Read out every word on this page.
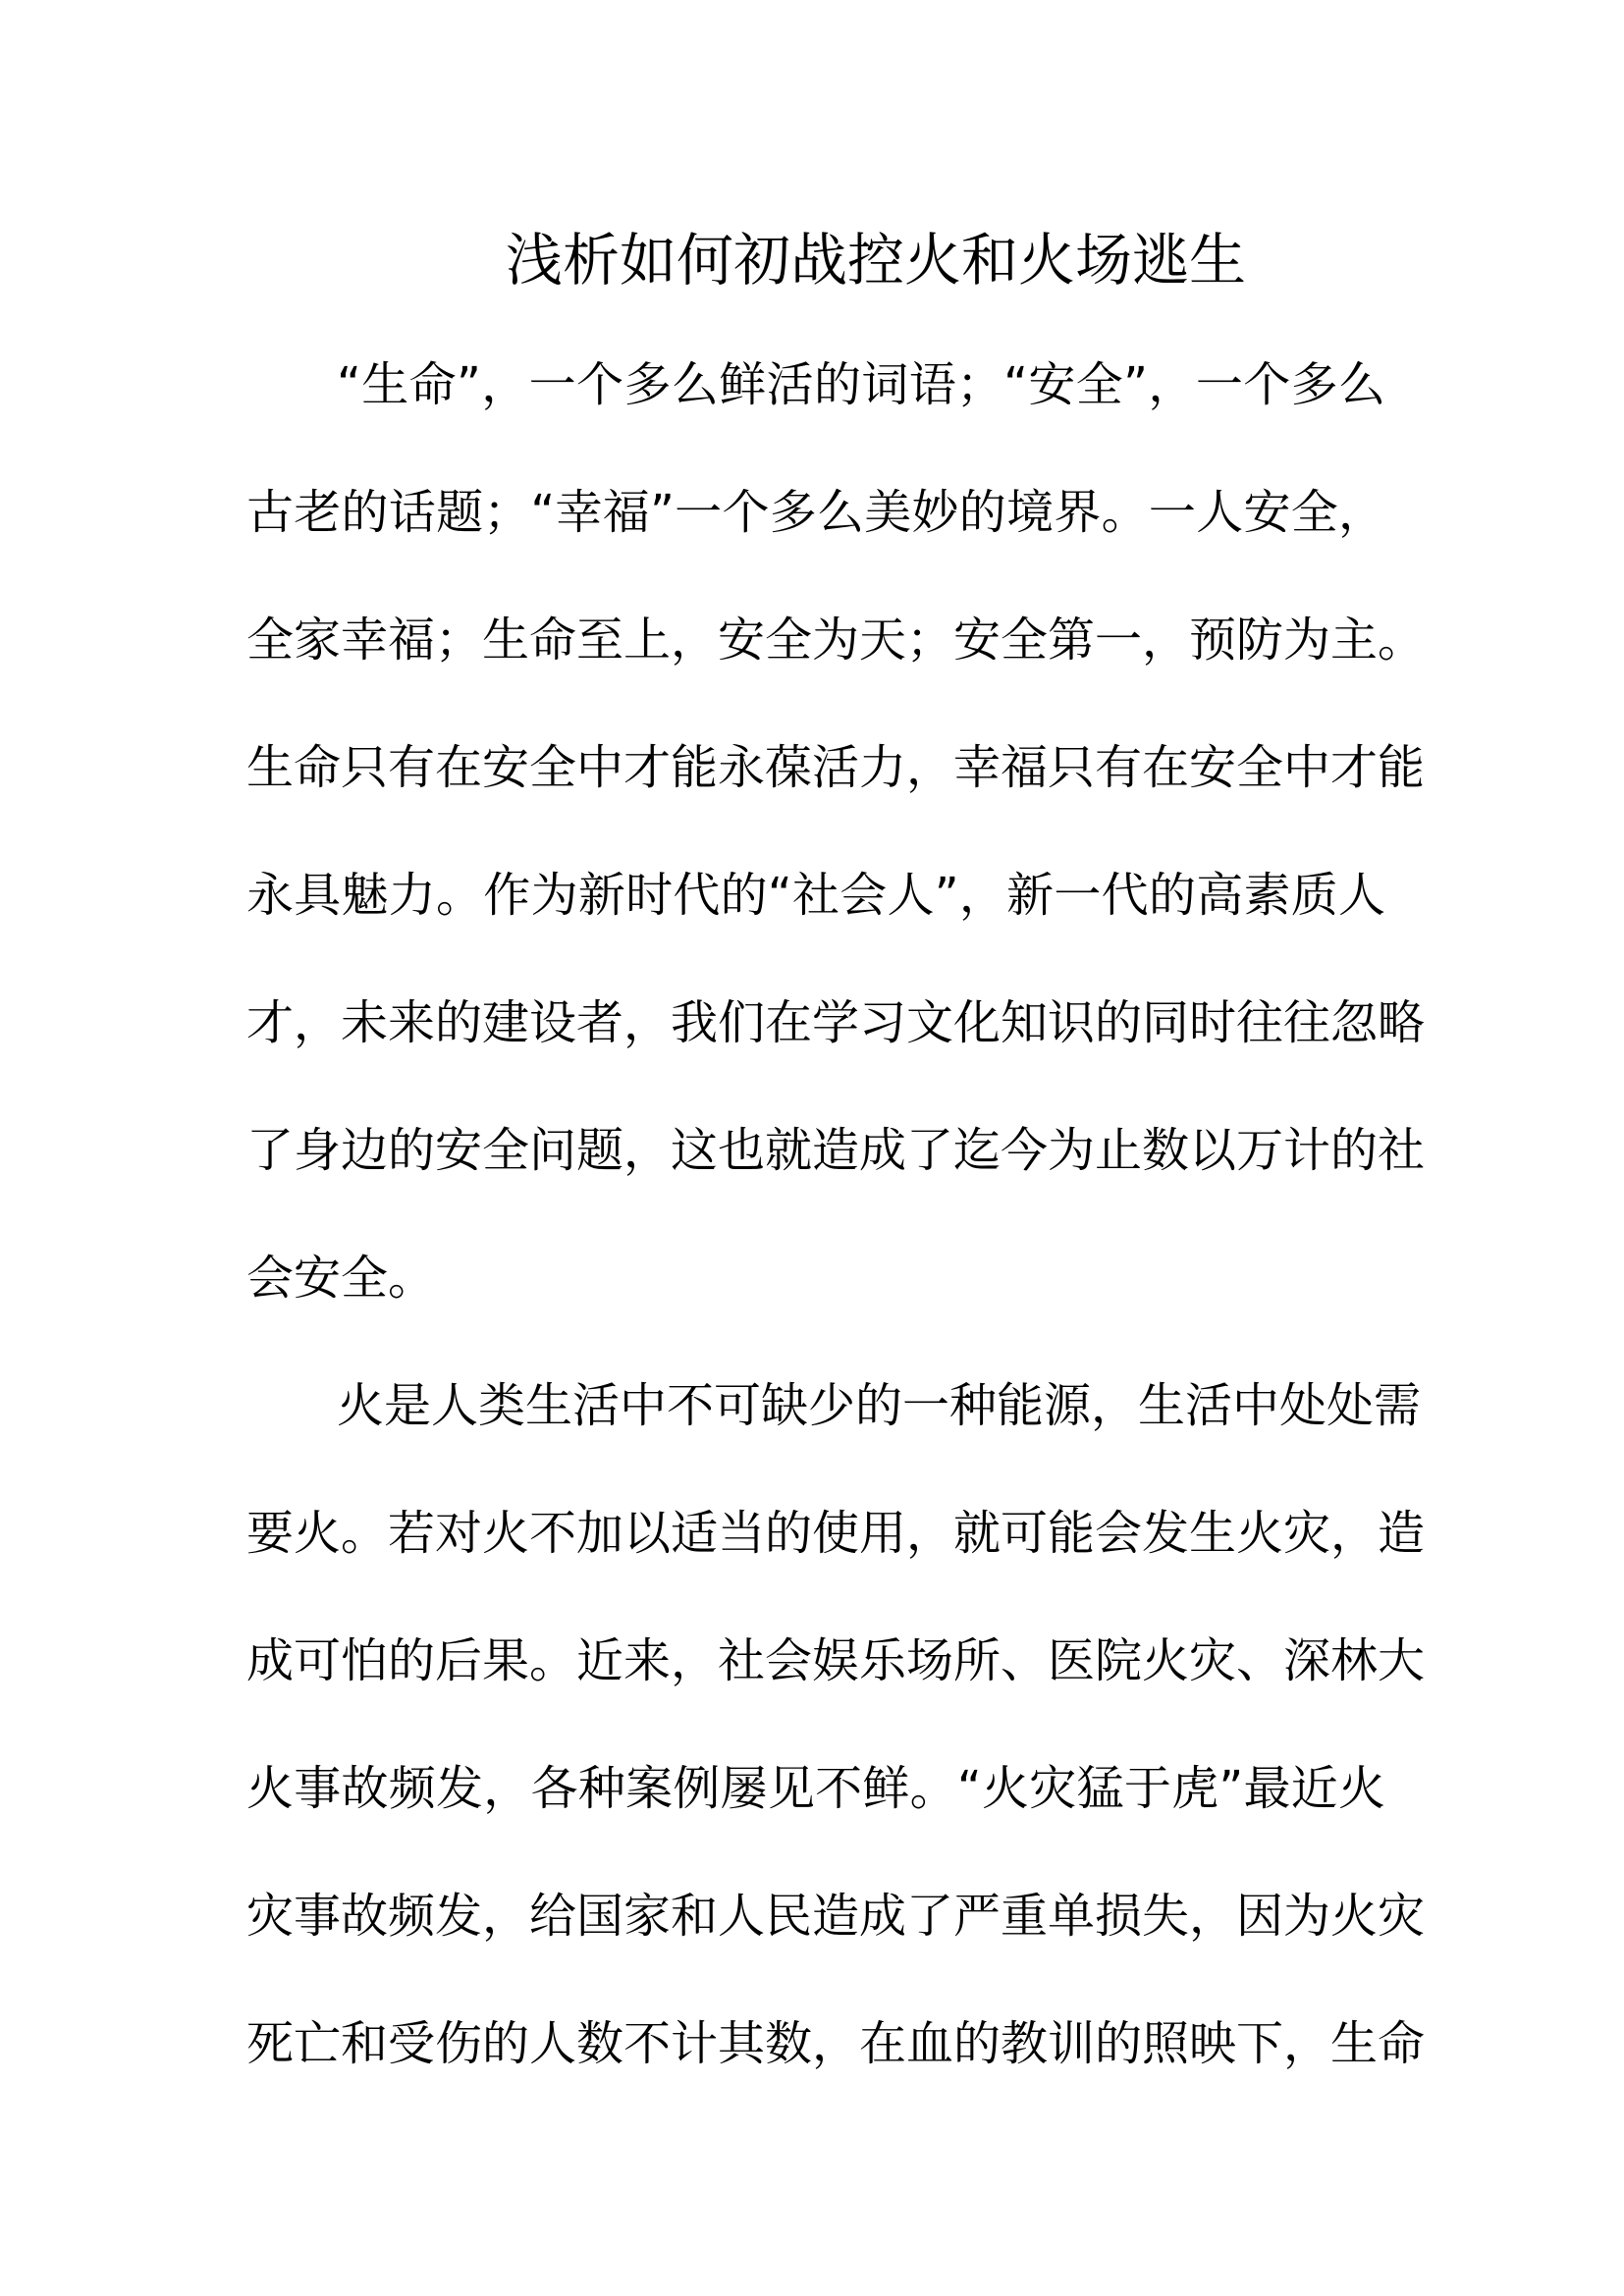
浅析如何初战控火和火场逃生

“生命”，一个多么鲜活的词语；“安全”，一个多么

古老的话题；“幸福”一个多么美妙的境界。一人安全，

全家幸福；生命至上，安全为天；安全第一，预防为主。

生命只有在安全中才能永葆活力，幸福只有在安全中才能

永具魅力。作为新时代的“社会人”，新一代的高素质人

才，未来的建设者，我们在学习文化知识的同时往往忽略

了身边的安全问题，这也就造成了迄今为止数以万计的社

会安全。

火是人类生活中不可缺少的一种能源，生活中处处需

要火。若对火不加以适当的使用，就可能会发生火灾，造

成可怕的后果。近来，社会娱乐场所、医院火灾、深林大

火事故频发，各种案例屡见不鲜。“火灾猛于虎”最近火

灾事故频发，给国家和人民造成了严重单损失，因为火灾

死亡和受伤的人数不计其数，在血的教训的照映下，生命
